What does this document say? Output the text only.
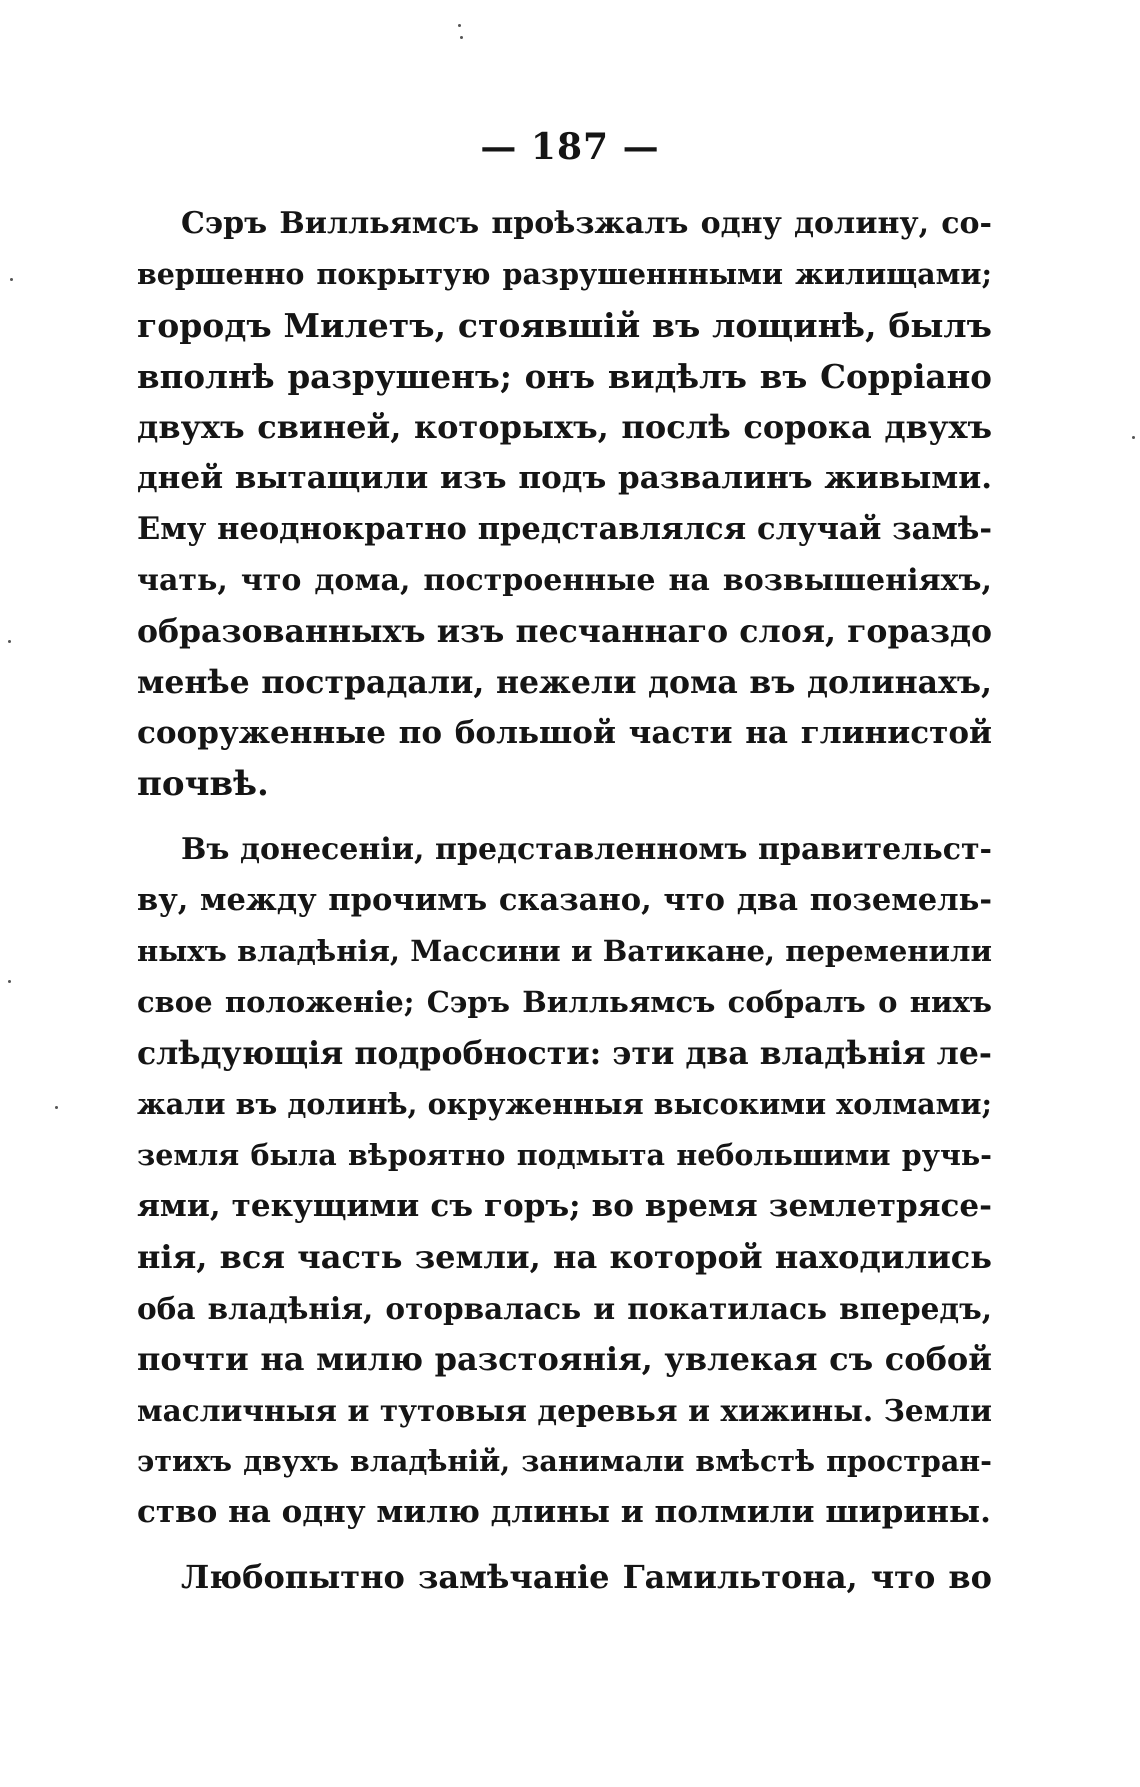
— 187 —
Сэръ Вилльямсъ проѣзжалъ одну долину, со-
вершенно покрытую разрушеннными жилищами;
городъ Милетъ, стоявшій въ лощинѣ, былъ
вполнѣ разрушенъ; онъ видѣлъ въ Сорріано
двухъ свиней, которыхъ, послѣ сорока двухъ
дней вытащили изъ подъ развалинъ живыми.
Ему неоднократно представлялся случай замѣ-
чать, что дома, построенные на возвышеніяхъ,
образованныхъ изъ песчаннаго слоя, гораздо
менѣе пострадали, нежели дома въ долинахъ,
сооруженные по большой части на глинистой
почвѣ.
Въ донесеніи, представленномъ правительст-
ву, между прочимъ сказано, что два поземель-
ныхъ владѣнія, Массини и Ватикане, переменили
свое положеніе; Сэръ Вилльямсъ собралъ о нихъ
слѣдующія подробности: эти два владѣнія ле-
жали въ долинѣ, окруженныя высокими холмами;
земля была вѣроятно подмыта небольшими ручь-
ями, текущими съ горъ; во время землетрясе-
нія, вся часть земли, на которой находились
оба владѣнія, оторвалась и покатилась впередъ,
почти на милю разстоянія, увлекая съ собой
масличныя и тутовыя деревья и хижины. Земли
этихъ двухъ владѣній, занимали вмѣстѣ простран-
ство на одну милю длины и полмили ширины.
Любопытно замѣчаніе Гамильтона, что во
